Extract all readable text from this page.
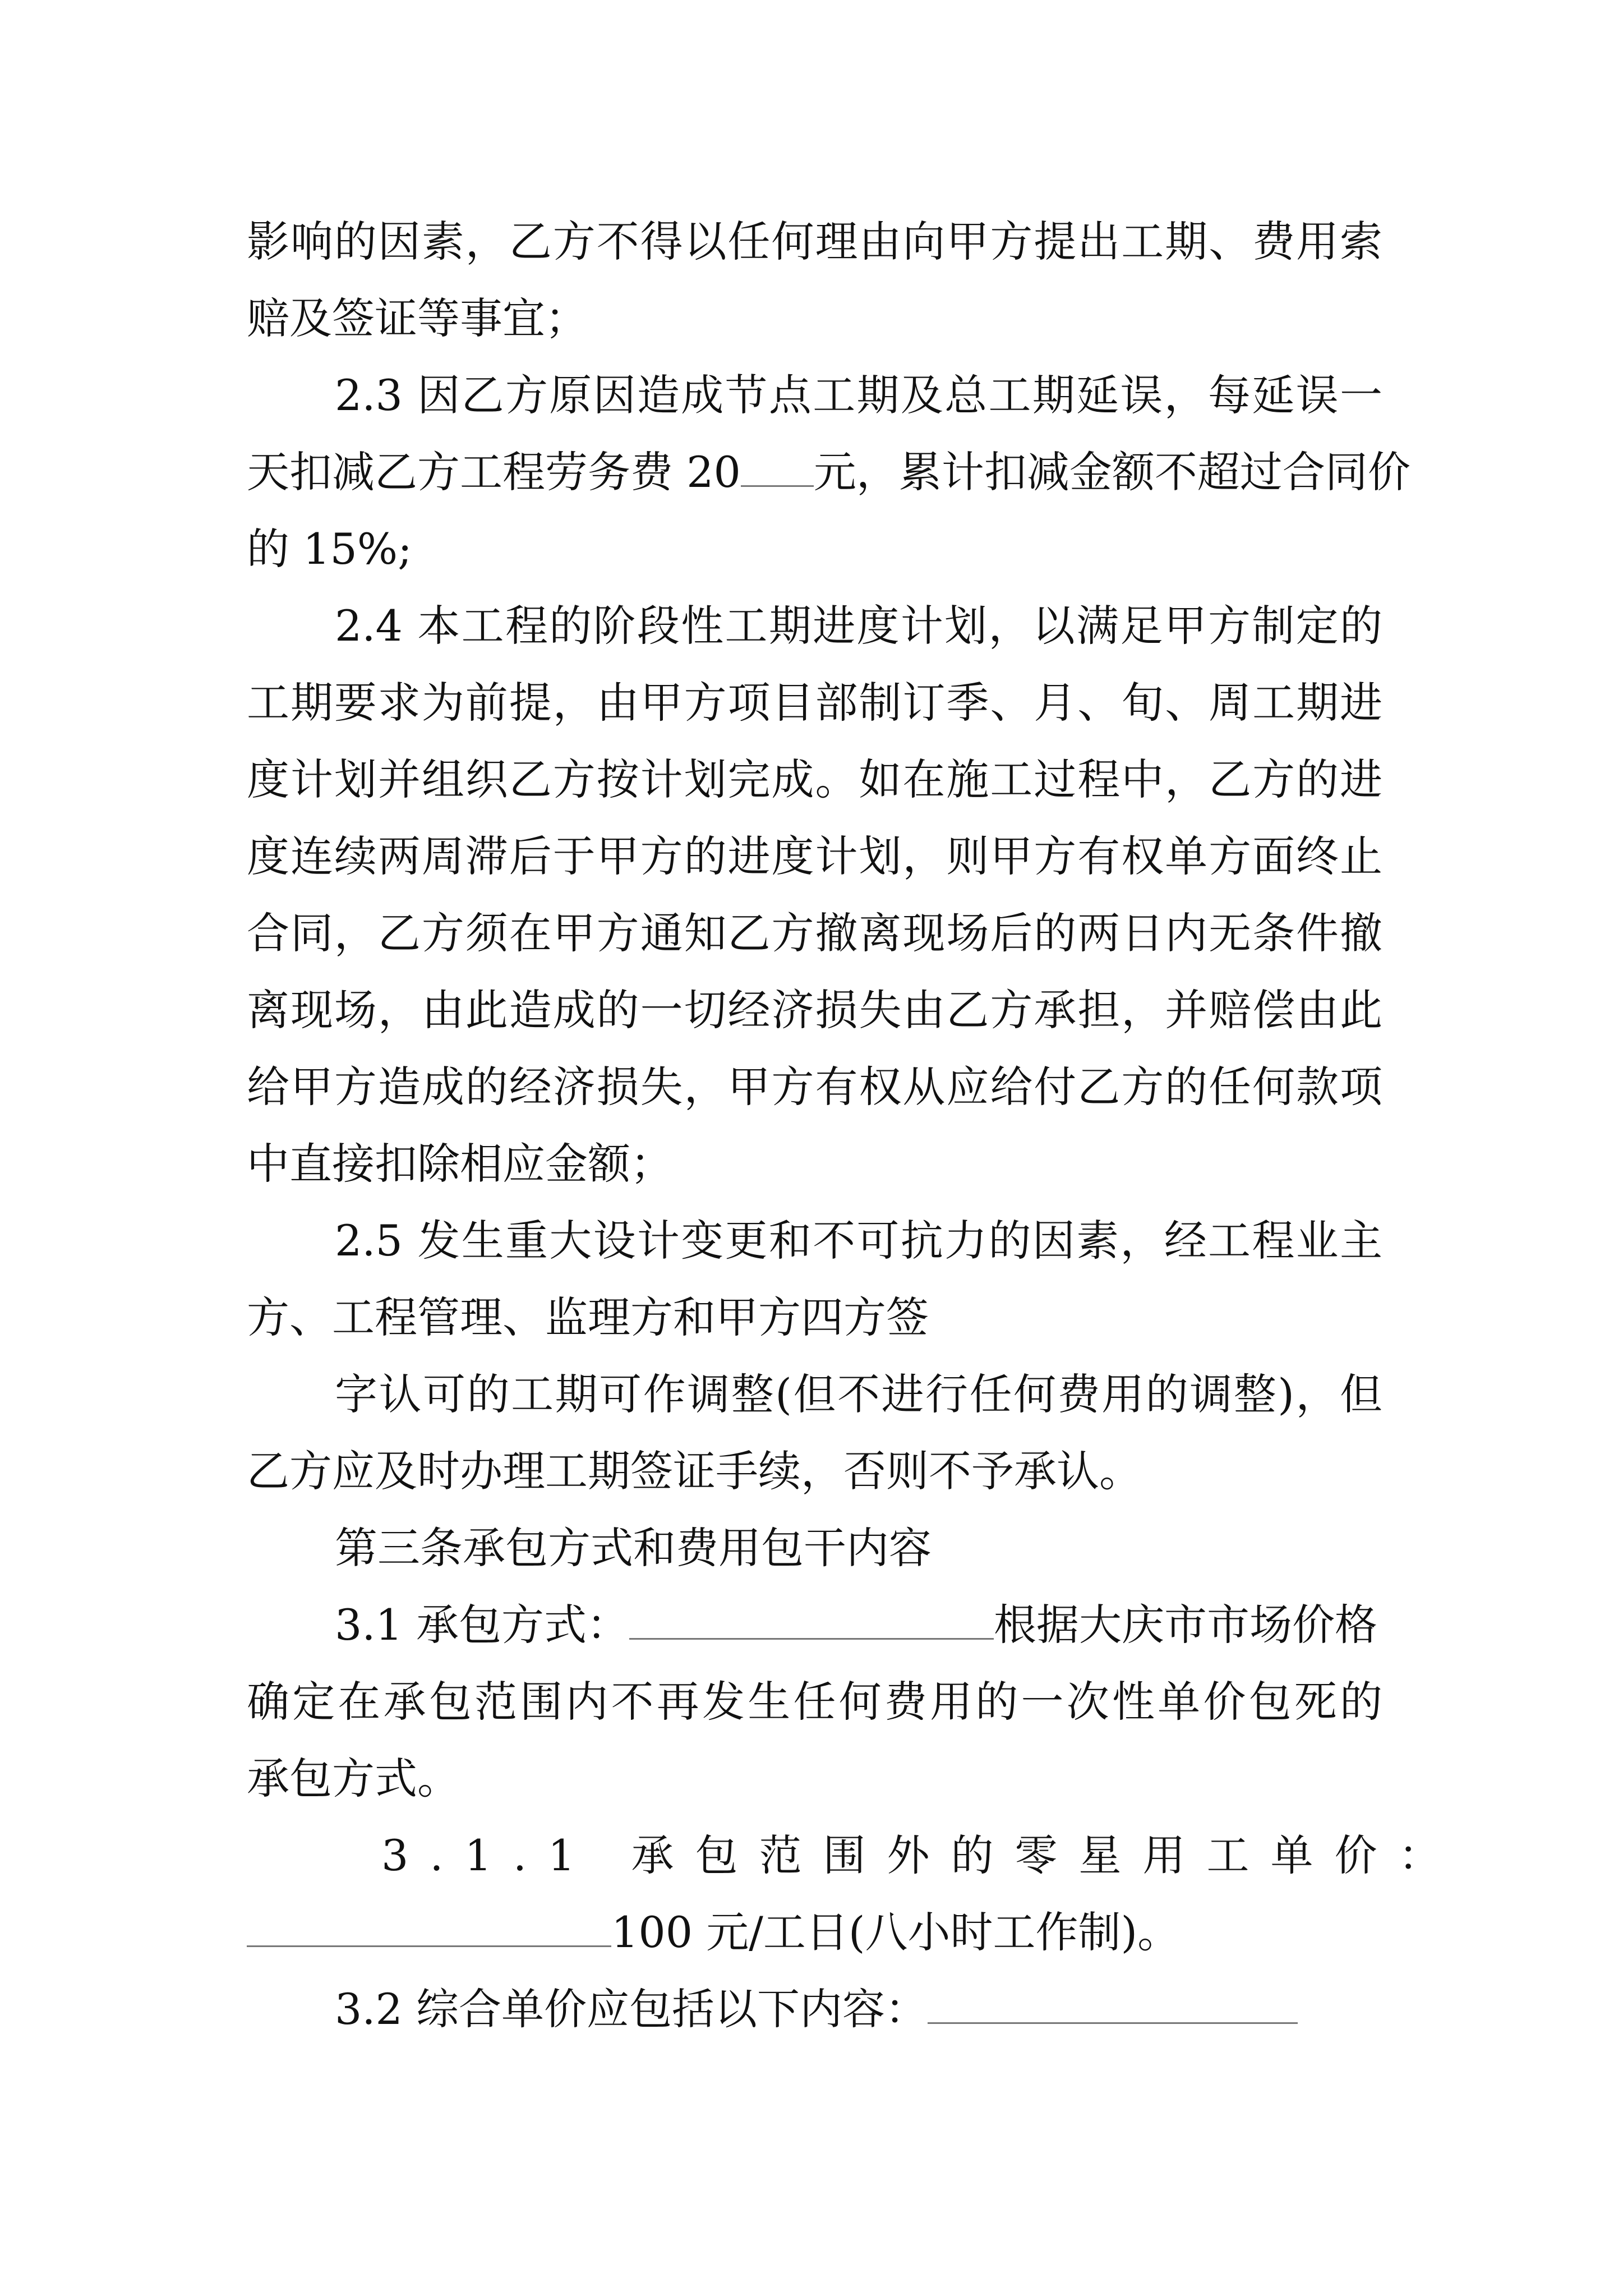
影响的因素，乙方不得以任何理由向甲方提出工期、费用索
赔及签证等事宜；
2.3 因乙方原因造成节点工期及总工期延误，每延误一
天扣减乙方工程劳务费 20 元，累计扣减金额不超过合同价
的 15%;
2.4 本工程的阶段性工期进度计划，以满足甲方制定的
工期要求为前提，由甲方项目部制订季、月、旬、周工期进
度计划并组织乙方按计划完成。如在施工过程中，乙方的进
度连续两周滞后于甲方的进度计划，则甲方有权单方面终止
合同，乙方须在甲方通知乙方撤离现场后的两日内无条件撤
离现场，由此造成的一切经济损失由乙方承担，并赔偿由此
给甲方造成的经济损失，甲方有权从应给付乙方的任何款项
中直接扣除相应金额；
2.5 发生重大设计变更和不可抗力的因素，经工程业主
方、工程管理、监理方和甲方四方签
字认可的工期可作调整(但不进行任何费用的调整)，但
乙方应及时办理工期签证手续，否则不予承认。
第三条承包方式和费用包干内容
3.1 承包方式：	根据大庆市市场价格
确定在承包范围内不再发生任何费用的一次性单价包死的
承包方式。
3.1.1 承包范围外的零星用工单价：
100 元/工日(八小时工作制)。
3.2 综合单价应包括以下内容：
